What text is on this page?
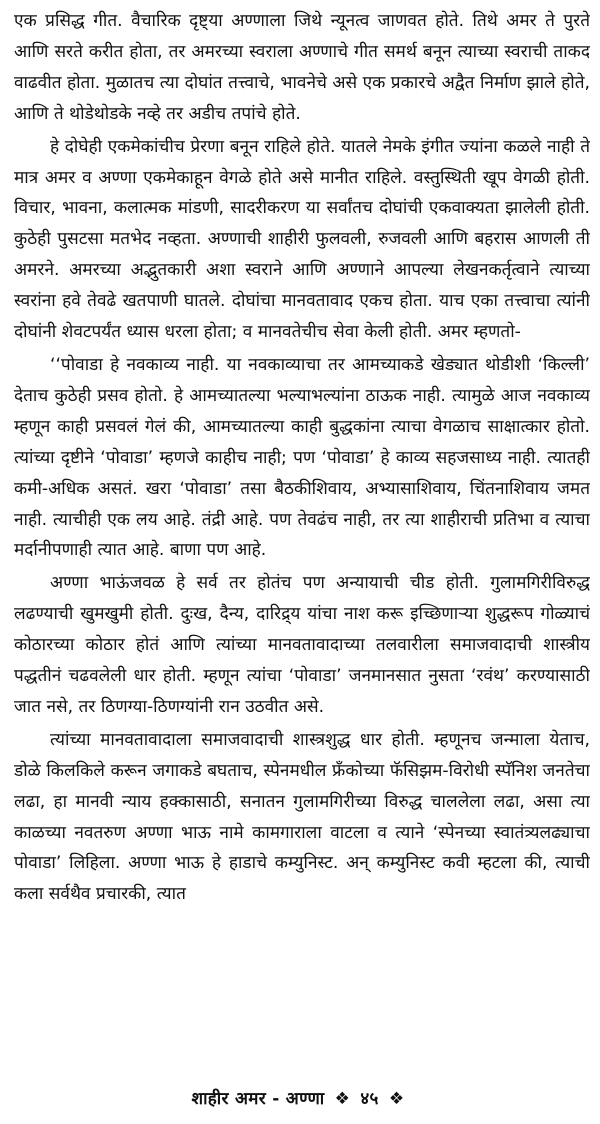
एक प्रसिद्ध गीत. वैचारिक दृष्ट्या अण्णाला जिथे न्यूनत्व जाणवत होते. तिथे अमर ते पुरते आणि सरते करीत होता, तर अमरच्या स्वराला अण्णाचे गीत समर्थ बनून त्याच्या स्वराची ताकद वाढवीत होता. मुळातच त्या दोघांत तत्त्वाचे, भावनेचे असे एक प्रकारचे अद्वैत निर्माण झाले होते, आणि ते थोडेथोडके नव्हे तर अडीच तपांचे होते.

हे दोघेही एकमेकांचीच प्रेरणा बनून राहिले होते. यातले नेमके इंगीत ज्यांना कळले नाही ते मात्र अमर व अण्णा एकमेकाहून वेगळे होते असे मानीत राहिले. वस्तुस्थिती खूप वेगळी होती. विचार, भावना, कलात्मक मांडणी, सादरीकरण या सर्वांतच दोघांची एकवाक्यता झालेली होती. कुठेही पुसटसा मतभेद नव्हता. अण्णाची शाहीरी फुलवली, रुजवली आणि बहरास आणली ती अमरने. अमरच्या अद्भुतकारी अशा स्वराने आणि अण्णाने आपल्या लेखनकर्तृत्वाने त्याच्या स्वरांना हवे तेवढे खतपाणी घातले. दोघांचा मानवतावाद एकच होता. याच एका तत्त्वाचा त्यांनी दोघांनी शेवटपर्यंत ध्यास धरला होता; व मानवतेचीच सेवा केली होती. अमर म्हणतो-

‘‘पोवाडा हे नवकाव्य नाही. या नवकाव्याचा तर आमच्याकडे खेड्यात थोडीशी ‘किल्ली’ देताच कुठेही प्रसव होतो. हे आमच्यातल्या भल्याभल्यांना ठाऊक नाही. त्यामुळे आज नवकाव्य म्हणून काही प्रसवलं गेलं की, आमच्यातल्या काही बुद्धकांना त्याचा वेगळाच साक्षात्कार होतो. त्यांच्या दृष्टीने ‘पोवाडा’ म्हणजे काहीच नाही; पण ‘पोवाडा’ हे काव्य सहजसाध्य नाही. त्यातही कमी-अधिक असतं. खरा ‘पोवाडा’ तसा बैठकीशिवाय, अभ्यासाशिवाय, चिंतनाशिवाय जमत नाही. त्याचीही एक लय आहे. तंद्री आहे. पण तेवढंच नाही, तर त्या शाहीराची प्रतिभा व त्याचा मर्दानीपणाही त्यात आहे. बाणा पण आहे.

अण्णा भाऊंजवळ हे सर्व तर होतंच पण अन्यायाची चीड होती. गुलामगिरीविरुद्ध लढण्याची खुमखुमी होती. दुःख, दैन्य, दारिद्र्य यांचा नाश करू इच्छिणाऱ्या शुद्धरूप गोळ्याचं कोठारच्या कोठार होतं आणि त्यांच्या मानवतावादाच्या तलवारीला समाजवादाची शास्त्रीय पद्धतीनं चढवलेली धार होती. म्हणून त्यांचा ‘पोवाडा’ जनमानसात नुसता ‘रवंथ’ करण्यासाठी जात नसे, तर ठिणग्या-ठिणग्यांनी रान उठवीत असे.

त्यांच्या मानवतावादाला समाजवादाची शास्त्रशुद्ध धार होती. म्हणूनच जन्माला येताच, डोळे किलकिले करून जगाकडे बघताच, स्पेनमधील फ्रँकोच्या फॅसिझम-विरोधी स्पॅनिश जनतेचा लढा, हा मानवी न्याय हक्कासाठी, सनातन गुलामगिरीच्या विरुद्ध चाललेला लढा, असा त्या काळच्या नवतरुण अण्णा भाऊ नामे कामगाराला वाटला व त्याने ‘स्पेनच्या स्वातंत्र्यलढ्याचा पोवाडा’ लिहिला. अण्णा भाऊ हे हाडाचे कम्युनिस्ट. अन् कम्युनिस्ट कवी म्हटला की, त्याची कला सर्वथैव प्रचारकी, त्यात

शाहीर अमर - अण्णा ❖ ४५ ❖
